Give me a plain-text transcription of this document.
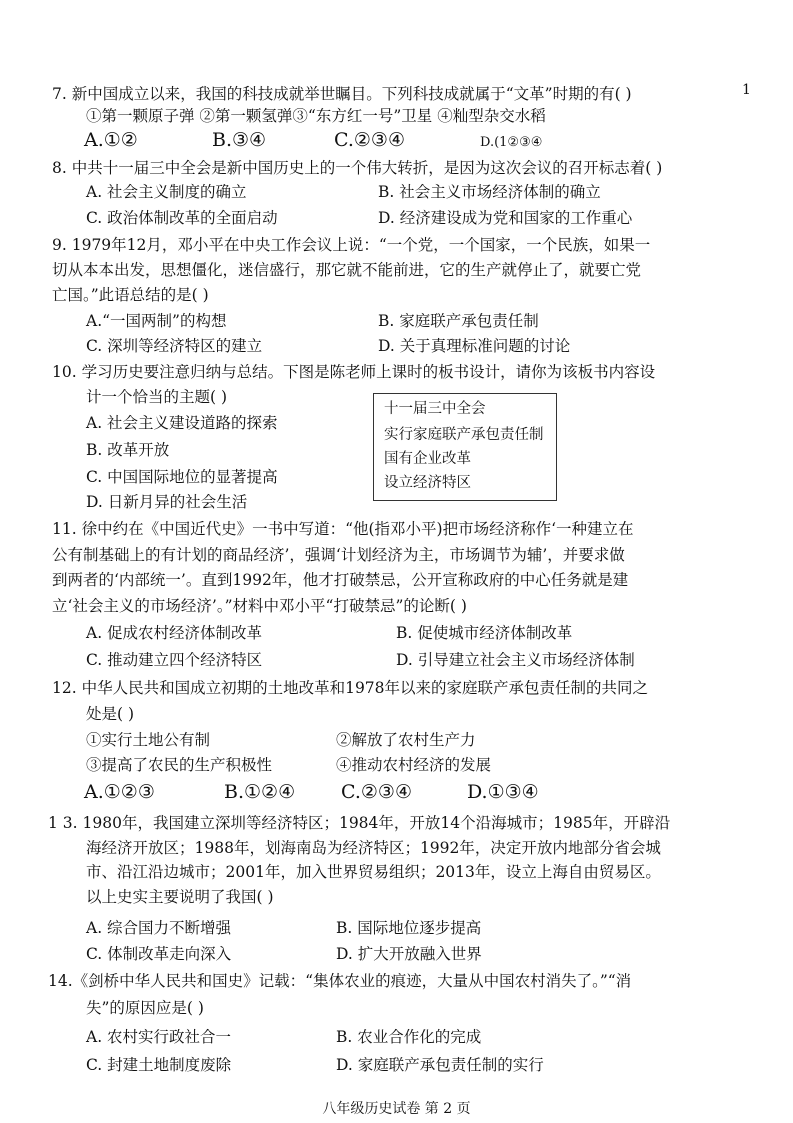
1
7. 新中国成立以来，我国的科技成就举世瞩目。下列科技成就属于“文革”时期的有( )
①第一颗原子弹 ②第一颗氢弹③“东方红一号”卫星 ④籼型杂交水稻
A.①②	B.③④	C.②③④	D.(1②③④
8. 中共十一届三中全会是新中国历史上的一个伟大转折，是因为这次会议的召开标志着( )
A. 社会主义制度的确立	B. 社会主义市场经济体制的确立
C. 政治体制改革的全面启动	D. 经济建设成为党和国家的工作重心
9. 1979年12月，邓小平在中央工作会议上说：“一个党，一个国家，一个民族，如果一
切从本本出发，思想僵化，迷信盛行，那它就不能前进，它的生产就停止了，就要亡党
亡国。”此语总结的是( )
A.“一国两制”的构想	B. 家庭联产承包责任制
C. 深圳等经济特区的建立	D. 关于真理标准问题的讨论
10. 学习历史要注意归纳与总结。下图是陈老师上课时的板书设计，请你为该板书内容设
计一个恰当的主题( )
A. 社会主义建设道路的探索
B. 改革开放
C. 中国国际地位的显著提高
D. 日新月异的社会生活
十一届三中全会
实行家庭联产承包责任制
国有企业改革
设立经济特区
11. 徐中约在《中国近代史》一书中写道：“他(指邓小平)把市场经济称作‘一种建立在
公有制基础上的有计划的商品经济’，强调‘计划经济为主，市场调节为辅’，并要求做
到两者的‘内部统一’。直到1992年，他才打破禁忌，公开宣称政府的中心任务就是建
立‘社会主义的市场经济’。”材料中邓小平“打破禁忌”的论断( )
A. 促成农村经济体制改革	B. 促使城市经济体制改革
C. 推动建立四个经济特区	D. 引导建立社会主义市场经济体制
12. 中华人民共和国成立初期的土地改革和1978年以来的家庭联产承包责任制的共同之
处是( )
①实行土地公有制	②解放了农村生产力
③提高了农民的生产积极性	④推动农村经济的发展
A.①②③	B.①②④ C.②③④	D.①③④
1 3. 1980年，我国建立深圳等经济特区；1984年，开放14个沿海城市；1985年，开辟沿
海经济开放区；1988年，划海南岛为经济特区；1992年，决定开放内地部分省会城
市、沿江沿边城市；2001年，加入世界贸易组织；2013年，设立上海自由贸易区。
以上史实主要说明了我国( )
A. 综合国力不断增强	B. 国际地位逐步提高
C. 体制改革走向深入	D. 扩大开放融入世界
14.《剑桥中华人民共和国史》记载：“集体农业的痕迹，大量从中国农村消失了。”“消
失”的原因应是( )
A. 农村实行政社合一	B. 农业合作化的完成
C. 封建土地制度废除	D. 家庭联产承包责任制的实行
八年级历史试卷 第 2 页
